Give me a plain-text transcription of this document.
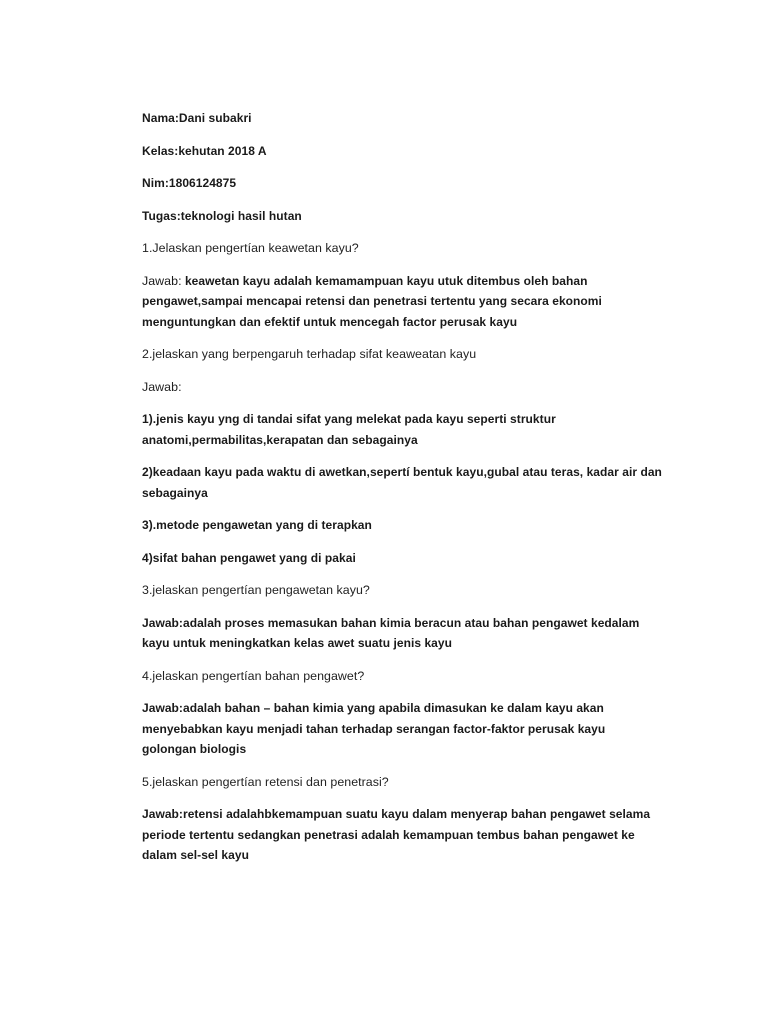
Nama:Dani subakri

Kelas:kehutan 2018 A

Nim:1806124875

Tugas:teknologi hasil hutan

1.Jelaskan pengertían keawetan kayu?

Jawab: keawetan kayu adalah kemamampuan kayu utuk ditembus oleh bahan pengawet,sampai mencapai retensi dan penetrasi tertentu yang secara ekonomi menguntungkan dan efektif untuk mencegah factor perusak kayu

2.jelaskan yang berpengaruh terhadap sifat keaweatan kayu

Jawab:

1).jenis kayu yng di tandai sifat yang melekat pada kayu seperti struktur anatomi,permabilitas,kerapatan dan sebagainya

2)keadaan kayu pada waktu di awetkan,sepertí bentuk kayu,gubal atau teras, kadar air dan sebagainya

3).metode pengawetan yang di terapkan

4)sifat bahan pengawet yang di pakai

3.jelaskan pengertían pengawetan kayu?

Jawab:adalah proses memasukan bahan kimia beracun atau bahan pengawet kedalam kayu untuk meningkatkan kelas awet suatu jenis kayu

4.jelaskan pengertían bahan pengawet?

Jawab:adalah bahan – bahan kimia yang apabila dimasukan ke dalam kayu akan menyebabkan kayu menjadi tahan terhadap serangan factor-faktor perusak kayu golongan biologis

5.jelaskan pengertían retensi dan penetrasi?

Jawab:retensi adalahbkemampuan suatu kayu dalam menyerap bahan pengawet selama periode tertentu sedangkan penetrasi adalah kemampuan tembus bahan pengawet ke dalam sel-sel kayu
